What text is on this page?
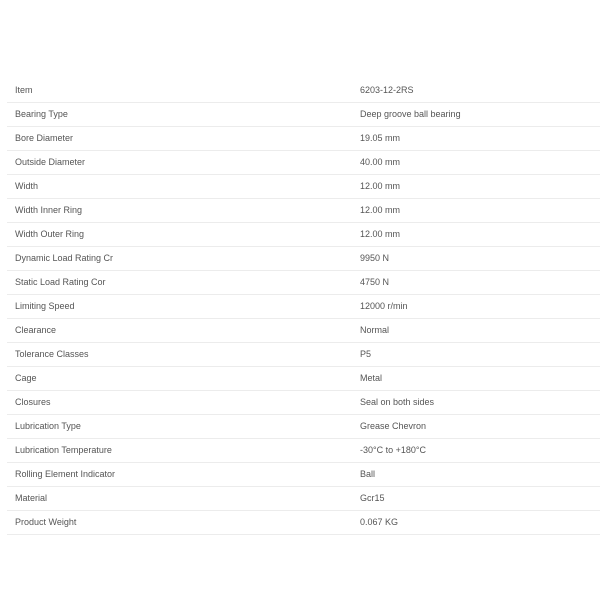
Item	6203-12-2RS
Bearing Type	Deep groove ball bearing
Bore Diameter	19.05 mm
Outside Diameter	40.00 mm
Width	12.00 mm
Width Inner Ring	12.00 mm
Width Outer Ring	12.00 mm
Dynamic Load Rating Cr	9950 N
Static Load Rating Cor	4750 N
Limiting Speed	12000 r/min
Clearance	Normal
Tolerance Classes	P5
Cage	Metal
Closures	Seal on both sides
Lubrication Type	Grease Chevron
Lubrication Temperature	-30°C to +180°C
Rolling Element Indicator	Ball
Material	Gcr15
Product Weight	0.067 KG
